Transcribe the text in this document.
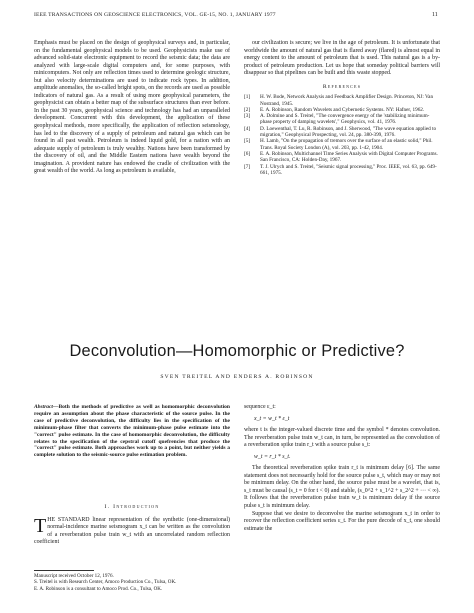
IEEE TRANSACTIONS ON GEOSCIENCE ELECTRONICS, VOL. GE-15, NO. 1, JANUARY 1977	11

Emphasis must be placed on the design of geophysical surveys and, in particular, on the fundamental geophysical models to be used. Geophysicists make use of advanced solid-state electronic equipment to record the seismic data; the data are analyzed with large-scale digital computers and, for some purposes, with minicomputers. Not only are reflection times used to determine geologic structure, but also velocity determinations are used to indicate rock types. In addition, amplitude anomalies, the so-called bright spots, on the records are used as possible indicators of natural gas. As a result of using more geophysical parameters, the geophysicist can obtain a better map of the subsurface structures than ever before. In the past 30 years, geophysical science and technology has had an unparalleled development. Concurrent with this development, the application of these geophysical methods, more specifically, the application of reflection seismology, has led to the discovery of a supply of petroleum and natural gas which can be found in all past wealth. Petroleum is indeed liquid gold, for a nation with an adequate supply of petroleum is truly wealthy. Nations have been transformed by the discovery of oil, and the Middle Eastern nations have wealth beyond the imagination. A provident nature has endowed the cradle of civilization with the great wealth of the world. As long as petroleum is available,

our civilization is secure; we live in the age of petroleum. It is unfortunate that worldwide the amount of natural gas that is flared away (flared) is almost equal in energy content to the amount of petroleum that is used. This natural gas is a by-product of petroleum production. Let us hope that someday political barriers will disappear so that pipelines can be built and this waste stopped.

References
[1]	H. W. Bode, Network Analysis and Feedback Amplifier Design. Princeton, NJ: Van Nostrand, 1945.
[2]	E. A. Robinson, Random Wavelets and Cybernetic Systems. NY: Hafner, 1962.
[3]	A. Dolmine and S. Treitel, "The convergence energy of the 'stabilizing minimum-phase property of damping wavelets'," Geophysics, vol. 41, 1976.
[4]	D. Loewenthal, T. Lu, R. Robinson, and J. Sherwood, "The wave equation applied to migration," Geophysical Prospecting, vol. 24, pp. 380-399, 1976.
[5]	H. Lamb, "On the propagation of tremors over the surface of an elastic solid," Phil. Trans. Royal Society London (A), vol. 203, pp. 1-42, 1904.
[6]	E. A. Robinson, Multichannel Time Series Analysis with Digital Computer Programs. San Francisco, CA: Holden-Day, 1967.
[7]	T. J. Ulrych and S. Treitel, "Seismic signal processing," Proc. IEEE, vol. 63, pp. 649-661, 1975.
Deconvolution—Homomorphic or Predictive?
SVEN TREITEL AND ENDERS A. ROBINSON

Abstract—Both the methods of predictive as well as homomorphic deconvolution require an assumption about the phase characteristic of the source pulse. In the case of predictive deconvolution, the difficulty lies in the specification of the minimum-phase filter that converts the minimum-phase pulse estimate into the "correct" pulse estimate. In the case of homomorphic deconvolution, the difficulty relates to the specification of the cepstral cutoff quefrencies that produce the "correct" pulse estimate. Both approaches work up to a point, but neither yields a complete solution to the seismic-source pulse estimation problem.

I. Introduction

THE STANDARD linear representation of the synthetic (one-dimensional) normal-incidence marine seismogram x_t can be written as the convolution of a reverberation pulse train w_t with an uncorrelated random reflection coefficient

Manuscript received October 12, 1976.

S. Treitel is with Research Center, Amoco Production Co., Tulsa, OK.

E. A. Robinson is a consultant to Amoco Prod. Co., Tulsa, OK.

sequence ε_t:

x_t = w_t * ε_t

where t is the integer-valued discrete time and the symbol * denotes convolution. The reverberation pulse train w_t can, in turn, be represented as the convolution of a reverberation spike train r_t with a source pulse s_t:

w_t = r_t * s_t.

The theoretical reverberation spike train r_t is minimum delay [6]. The same statement does not necessarily hold for the source pulse s_t, which may or may not be minimum delay. On the other hand, the source pulse must be a wavelet, that is, s_t must be causal (s_t = 0 for t < 0) and stable, (s_0^2 + s_1^2 + s_2^2 + ··· < ∞). It follows that the reverberation pulse train w_t is minimum delay if the source pulse s_t is minimum delay.

Suppose that we desire to deconvolve the marine seismogram x_t in order to recover the reflection coefficient series ε_t. For the pure decode of x_t, one should estimate the
